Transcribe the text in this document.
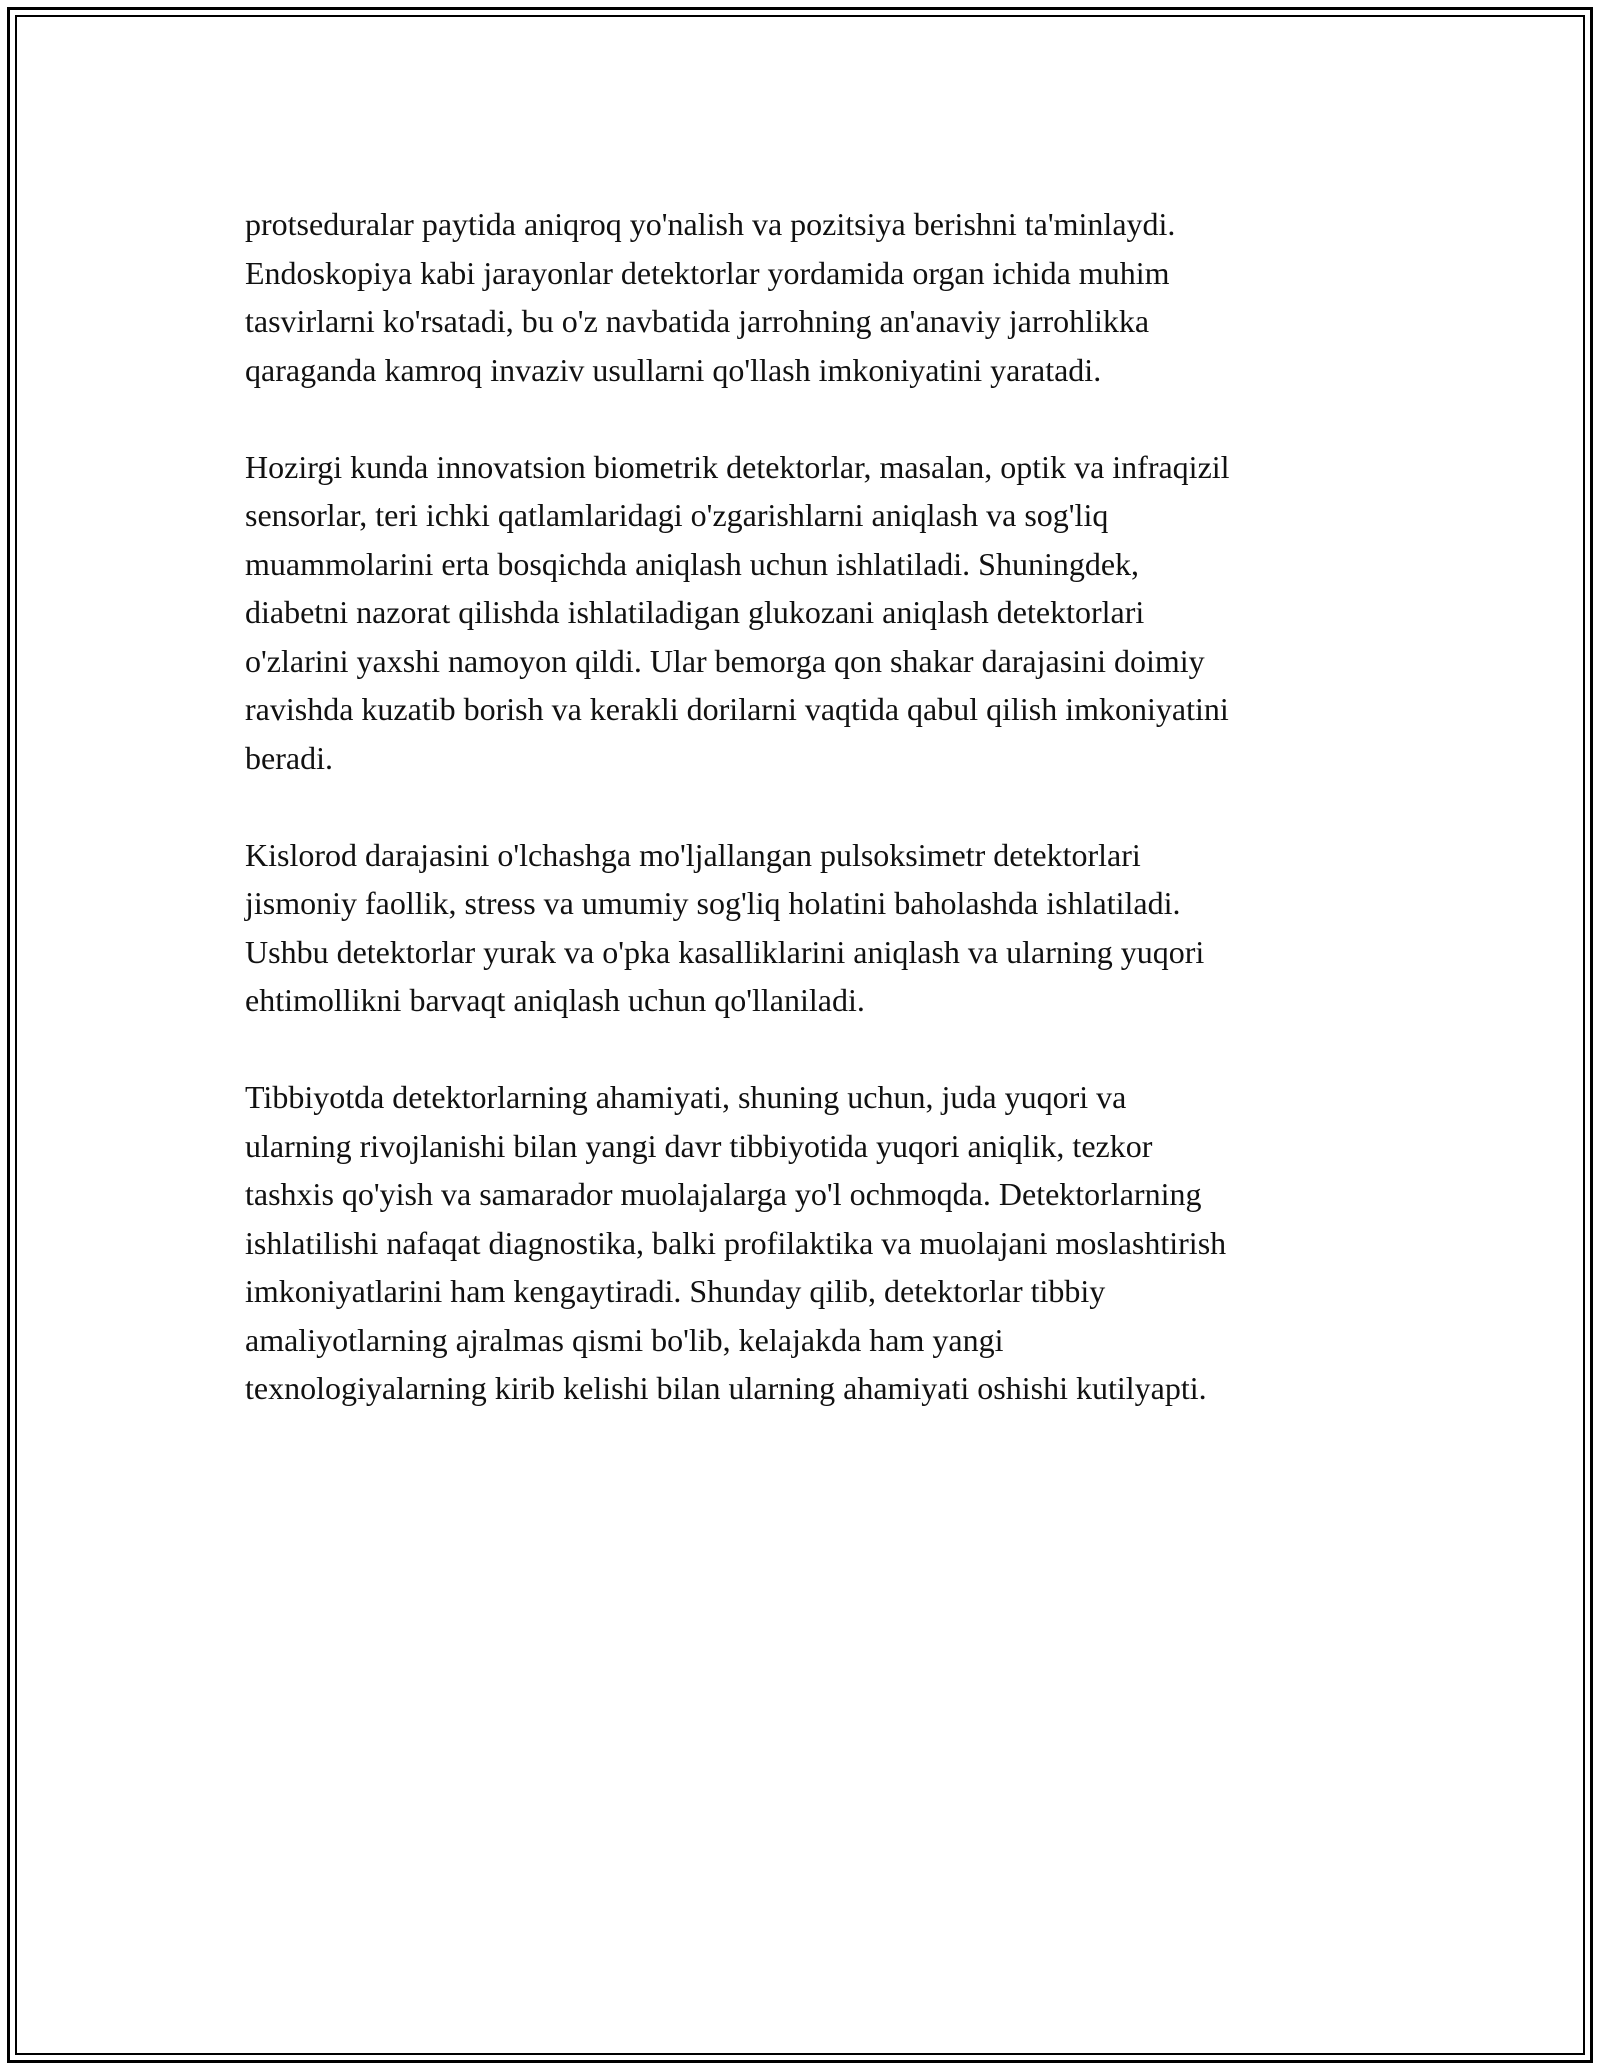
protseduralar paytida aniqroq yo'nalish va pozitsiya berishni ta'minlaydi.
Endoskopiya kabi jarayonlar detektorlar yordamida organ ichida muhim
tasvirlarni ko'rsatadi, bu o'z navbatida jarrohning an'anaviy jarrohlikka
qaraganda kamroq invaziv usullarni qo'llash imkoniyatini yaratadi.

Hozirgi kunda innovatsion biometrik detektorlar, masalan, optik va infraqizil
sensorlar, teri ichki qatlamlaridagi o'zgarishlarni aniqlash va sog'liq
muammolarini erta bosqichda aniqlash uchun ishlatiladi. Shuningdek,
diabetni nazorat qilishda ishlatiladigan glukozani aniqlash detektorlari
o'zlarini yaxshi namoyon qildi. Ular bemorga qon shakar darajasini doimiy
ravishda kuzatib borish va kerakli dorilarni vaqtida qabul qilish imkoniyatini
beradi.

Kislorod darajasini o'lchashga mo'ljallangan pulsoksimetr detektorlari
jismoniy faollik, stress va umumiy sog'liq holatini baholashda ishlatiladi.
Ushbu detektorlar yurak va o'pka kasalliklarini aniqlash va ularning yuqori
ehtimollikni barvaqt aniqlash uchun qo'llaniladi.

Tibbiyotda detektorlarning ahamiyati, shuning uchun, juda yuqori va
ularning rivojlanishi bilan yangi davr tibbiyotida yuqori aniqlik, tezkor
tashxis qo'yish va samarador muolajalarga yo'l ochmoqda. Detektorlarning
ishlatilishi nafaqat diagnostika, balki profilaktika va muolajani moslashtirish
imkoniyatlarini ham kengaytiradi. Shunday qilib, detektorlar tibbiy
amaliyotlarning ajralmas qismi bo'lib, kelajakda ham yangi
texnologiyalarning kirib kelishi bilan ularning ahamiyati oshishi kutilyapti.
